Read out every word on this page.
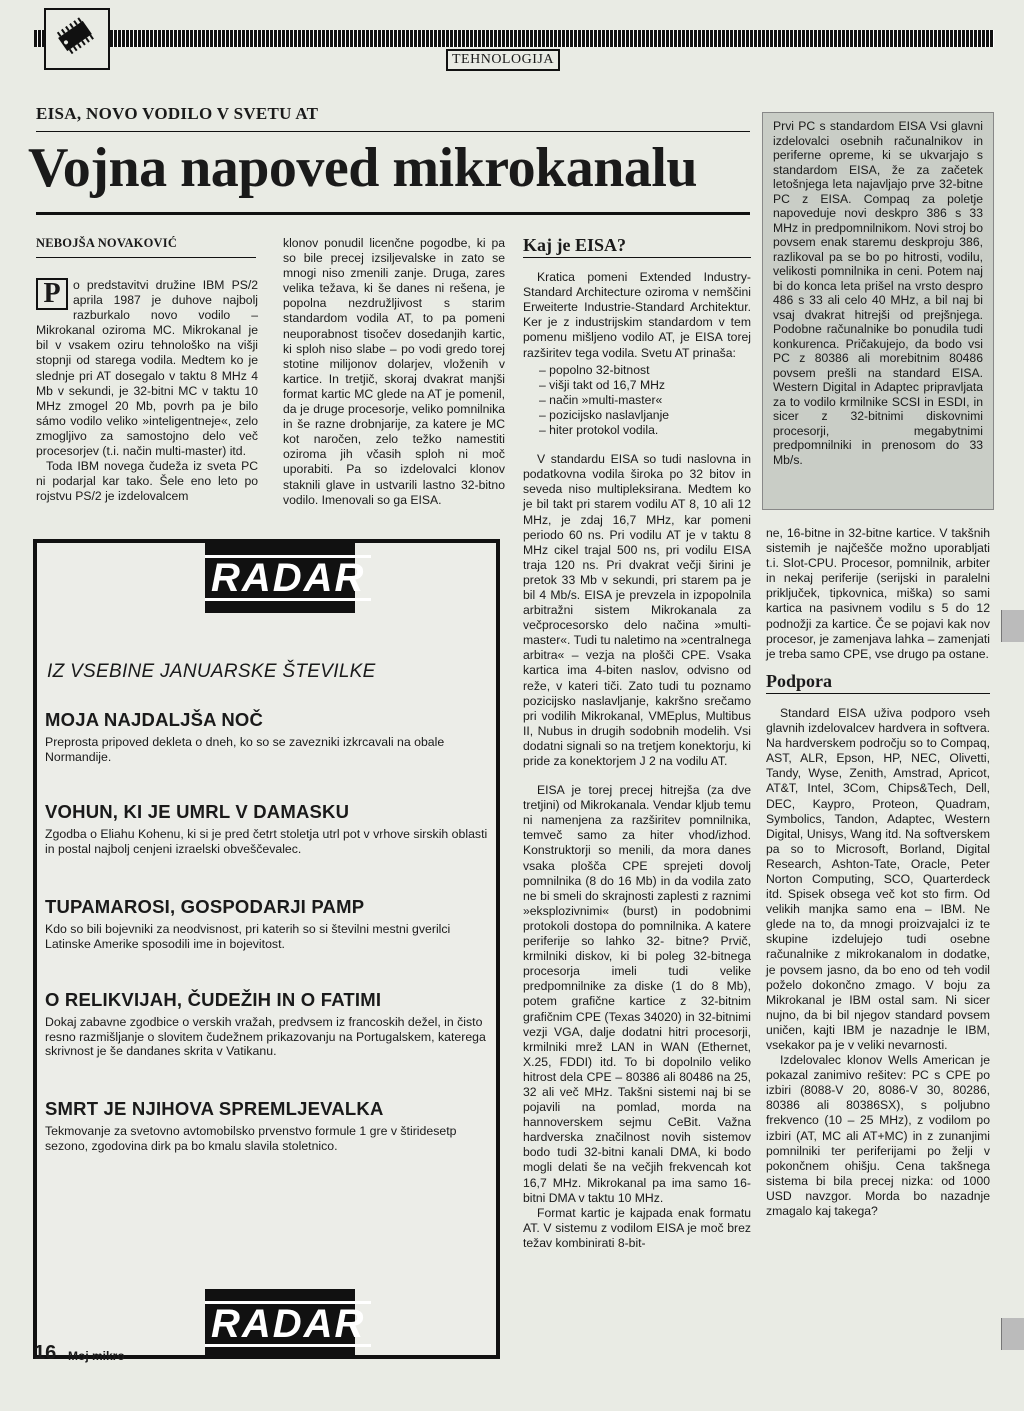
TEHNOLOGIJA
EISA, NOVO VODILO V SVETU AT
Vojna napoved mikrokanalu
NEBOJŠA NOVAKOVIĆ

P	o predstavitvi družine IBM PS/2 aprila 1987 je duhove najbolj razburkalo novo vodilo – Mikrokanal oziroma MC. Mikrokanal je bil v vsakem oziru tehnološko na višji stopnji od starega vodila. Medtem ko je slednje pri AT dosegalo v taktu 8 MHz 4 Mb v sekundi, je 32-bitni MC v taktu 10 MHz zmogel 20 Mb, povrh pa je bilo sámo vodilo veliko »inteligentneje«, zelo zmogljivo za samostojno delo več procesorjev (t.i. način multi-master) itd.

Toda IBM novega čudeža iz sveta PC ni podarjal kar tako. Šele eno leto po rojstvu PS/2 je izdelovalcem

klonov ponudil licenčne pogodbe, ki pa so bile precej izsiljevalske in zato se mnogi niso zmenili zanje. Druga, zares velika težava, ki še danes ni rešena, je popolna nezdružljivost s starim standardom vodila AT, to pa pomeni neuporabnost tisočev dosedanjih kartic, ki sploh niso slabe – po vodi gredo torej stotine milijonov dolarjev, vloženih v kartice. In tretjič, skoraj dvakrat manjši format kartic MC glede na AT je pomenil, da je druge procesorje, veliko pomnilnika in še razne drobnjarije, za katere je MC kot naročen, zelo težko namestiti oziroma jih včasih sploh ni moč uporabiti. Pa so izdelovalci klonov staknili glave in ustvarili lastno 32-bitno vodilo. Imenovali so ga EISA.

Kaj je EISA?

Kratica pomeni Extended Industry-Standard Architecture oziroma v nemščini Erweiterte Industrie-Standard Architektur. Ker je z industrijskim standardom v tem pomenu mišljeno vodilo AT, je EISA torej razširitev tega vodila. Svetu AT prinaša:

– popolno 32-bitnost
– višji takt od 16,7 MHz
– način »multi-master«
– pozicijsko naslavljanje
– hiter protokol vodila.

V standardu EISA so tudi naslovna in podatkovna vodila široka po 32 bitov in seveda niso multipleksirana. Medtem ko je bil takt pri starem vodilu AT 8, 10 ali 12 MHz, je zdaj 16,7 MHz, kar pomeni periodo 60 ns. Pri vodilu AT je v taktu 8 MHz cikel trajal 500 ns, pri vodilu EISA traja 120 ns. Pri dvakrat večji širini je pretok 33 Mb v sekundi, pri starem pa je bil 4 Mb/s. EISA je prevzela in izpopolnila arbitražni sistem Mikrokanala za večprocesorsko delo načina »multi-master«. Tudi tu naletimo na »centralnega arbitra« – vezja na plošči CPE. Vsaka kartica ima 4-biten naslov, odvisno od reže, v kateri tiči. Zato tudi tu poznamo pozicijsko naslavljanje, kakršno srečamo pri vodilih Mikrokanal, VMEplus, Multibus II, Nubus in drugih sodobnih modelih. Vsi dodatni signali so na tretjem konektorju, ki pride za konektorjem J 2 na vodilu AT.

EISA je torej precej hitrejša (za dve tretjini) od Mikrokanala. Vendar kljub temu ni namenjena za razširitev pomnilnika, temveč samo za hiter vhod/izhod. Konstruktorji so menili, da mora danes vsaka plošča CPE sprejeti dovolj pomnilnika (8 do 16 Mb) in da vodila zato ne bi smeli do skrajnosti zaplesti z raznimi »eksplozivnimi« (burst) in podobnimi protokoli dostopa do pomnilnika. A katere periferije so lahko 32- bitne? Prvič, krmilniki diskov, ki bi poleg 32-bitnega procesorja imeli tudi velike predpomnilnike za diske (1 do 8 Mb), potem grafične kartice z 32-bitnim grafičnim CPE (Texas 34020) in 32-bitnimi vezji VGA, dalje dodatni hitri procesorji, krmilniki mrež LAN in WAN (Ethernet, X.25, FDDI) itd. To bi dopolnilo veliko hitrost dela CPE – 80386 ali 80486 na 25, 32 ali več MHz. Takšni sistemi naj bi se pojavili na pomlad, morda na hannoverskem sejmu CeBit. Važna hardverska značilnost novih sistemov bodo tudi 32-bitni kanali DMA, ki bodo mogli delati še na večjih frekvencah kot 16,7 MHz. Mikrokanal pa ima samo 16-bitni DMA v taktu 10 MHz.

Format kartic je kajpada enak formatu AT. V sistemu z vodilom EISA je moč brez težav kombinirati 8-bit-

Prvi PC s standardom EISA Vsi glavni izdelovalci osebnih računalnikov in periferne opreme, ki se ukvarjajo s standardom EISA, že za začetek letošnjega leta najavljajo prve 32-bitne PC z EISA. Compaq za poletje napoveduje novi deskpro 386 s 33 MHz in predpomnilnikom. Novi stroj bo povsem enak staremu deskproju 386, razlikoval pa se bo po hitrosti, vodilu, velikosti pomnilnika in ceni. Potem naj bi do konca leta prišel na vrsto despro 486 s 33 ali celo 40 MHz, a bil naj bi vsaj dvakrat hitrejši od prejšnjega. Podobne računalnike bo ponudila tudi konkurenca. Pričakujejo, da bodo vsi PC z 80386 ali morebitnim 80486 povsem prešli na standard EISA. Western Digital in Adaptec pripravljata za to vodilo krmilnike SCSI in ESDI, in sicer z 32-bitnimi diskovnimi procesorji, megabytnimi predpomnilniki in prenosom do 33 Mb/s.

ne, 16-bitne in 32-bitne kartice. V takšnih sistemih je najčešče možno uporabljati t.i. Slot-CPU. Procesor, pomnilnik, arbiter in nekaj periferije (serijski in paralelni priključek, tipkovnica, miška) so sami kartica na pasivnem vodilu s 5 do 12 podnožji za kartice. Če se pojavi kak nov procesor, je zamenjava lahka – zamenjati je treba samo CPE, vse drugo pa ostane.

Podpora

Standard EISA uživa podporo vseh glavnih izdelovalcev hardvera in softvera. Na hardverskem področju so to Compaq, AST, ALR, Epson, HP, NEC, Olivetti, Tandy, Wyse, Zenith, Amstrad, Apricot, AT&T, Intel, 3Com, Chips&Tech, Dell, DEC, Kaypro, Proteon, Quadram, Symbolics, Tandon, Adaptec, Western Digital, Unisys, Wang itd. Na softverskem pa so to Microsoft, Borland, Digital Research, Ashton-Tate, Oracle, Peter Norton Computing, SCO, Quarterdeck itd. Spisek obsega več kot sto firm. Od velikih manjka samo ena – IBM. Ne glede na to, da mnogi proizvajalci iz te skupine izdelujejo tudi osebne računalnike z mikrokanalom in dodatke, je povsem jasno, da bo eno od teh vodil poželo dokončno zmago. V boju za Mikrokanal je IBM ostal sam. Ni sicer nujno, da bi bil njegov standard povsem uničen, kajti IBM je nazadnje le IBM, vsekakor pa je v veliki nevarnosti.

Izdelovalec klonov Wells American je pokazal zanimivo rešitev: PC s CPE po izbiri (8088-V 20, 8086-V 30, 80286, 80386 ali 80386SX), s poljubno frekvenco (10 – 25 MHz), z vodilom po izbiri (AT, MC ali AT+MC) in z zunanjimi pomnilniki ter periferijami po želji v pokončnem ohišju. Cena takšnega sistema bi bila precej nizka: od 1000 USD navzgor. Morda bo nazadnje zmagalo kaj takega?

RADAR
IZ VSEBINE JANUARSKE ŠTEVILKE
MOJA NAJDALJŠA NOČ
Preprosta pripoved dekleta o dneh, ko so se zavezniki izkrcavali na obale Normandije.
VOHUN, KI JE UMRL V DAMASKU
Zgodba o Eliahu Kohenu, ki si je pred četrt stoletja utrl pot v vrhove sirskih oblasti in postal najbolj cenjeni izraelski obveščevalec.
TUPAMAROSI, GOSPODARJI PAMP
Kdo so bili bojevniki za neodvisnost, pri katerih so si številni mestni gverilci Latinske Amerike sposodili ime in bojevitost.
O RELIKVIJAH, ČUDEŽIH IN O FATIMI
Dokaj zabavne zgodbice o verskih vražah, predvsem iz francoskih dežel, in čisto resno razmišljanje o slovitem čudežnem prikazovanju na Portugalskem, katerega skrivnost je še dandanes skrita v Vatikanu.
SMRT JE NJIHOVA SPREMLJEVALKA
Tekmovanje za svetovno avtomobilsko prvenstvo formule 1 gre v štiridesetp sezono, zgodovina dirk pa bo kmalu slavila stoletnico.
RADAR
16 Moj mikro
